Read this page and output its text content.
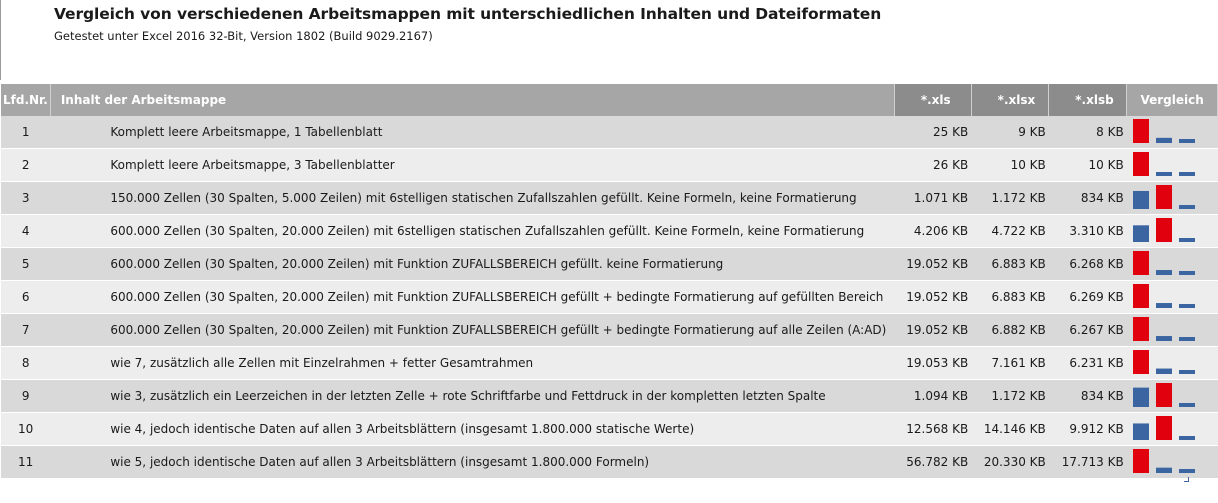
Vergleich von verschiedenen Arbeitsmappen mit unterschiedlichen Inhalten und Dateiformaten
Getestet unter Excel 2016 32-Bit, Version 1802 (Build 9029.2167)
Lfd.Nr.	Inhalt der Arbeitsmappe	*.xls	*.xlsx	*.xlsb	Vergleich
1	Komplett leere Arbeitsmappe, 1 Tabellenblatt	25 KB	9 KB	8 KB	

2	Komplett leere Arbeitsmappe, 3 Tabellenblatter	26 KB	10 KB	10 KB	

3	150.000 Zellen (30 Spalten, 5.000 Zeilen) mit 6stelligen statischen Zufallszahlen gefüllt. Keine Formeln, keine Formatierung	1.071 KB	1.172 KB	834 KB	

4	600.000 Zellen (30 Spalten, 20.000 Zeilen) mit 6stelligen statischen Zufallszahlen gefüllt. Keine Formeln, keine Formatierung	4.206 KB	4.722 KB	3.310 KB	

5	600.000 Zellen (30 Spalten, 20.000 Zeilen) mit Funktion ZUFALLSBEREICH gefüllt. keine Formatierung	19.052 KB	6.883 KB	6.268 KB	

6	600.000 Zellen (30 Spalten, 20.000 Zeilen) mit Funktion ZUFALLSBEREICH gefüllt + bedingte Formatierung auf gefüllten Bereich	19.052 KB	6.883 KB	6.269 KB	

7	600.000 Zellen (30 Spalten, 20.000 Zeilen) mit Funktion ZUFALLSBEREICH gefüllt + bedingte Formatierung auf alle Zeilen (A:AD)	19.052 KB	6.882 KB	6.267 KB	

8	wie 7, zusätzlich alle Zellen mit Einzelrahmen + fetter Gesamtrahmen	19.053 KB	7.161 KB	6.231 KB	

9	wie 3, zusätzlich ein Leerzeichen in der letzten Zelle + rote Schriftfarbe und Fettdruck in der kompletten letzten Spalte	1.094 KB	1.172 KB	834 KB	

10	wie 4, jedoch identische Daten auf allen 3 Arbeitsblättern (insgesamt 1.800.000 statische Werte)	12.568 KB	14.146 KB	9.912 KB	

11	wie 5, jedoch identische Daten auf allen 3 Arbeitsblättern (insgesamt 1.800.000 Formeln)	56.782 KB	20.330 KB	17.713 KB	
